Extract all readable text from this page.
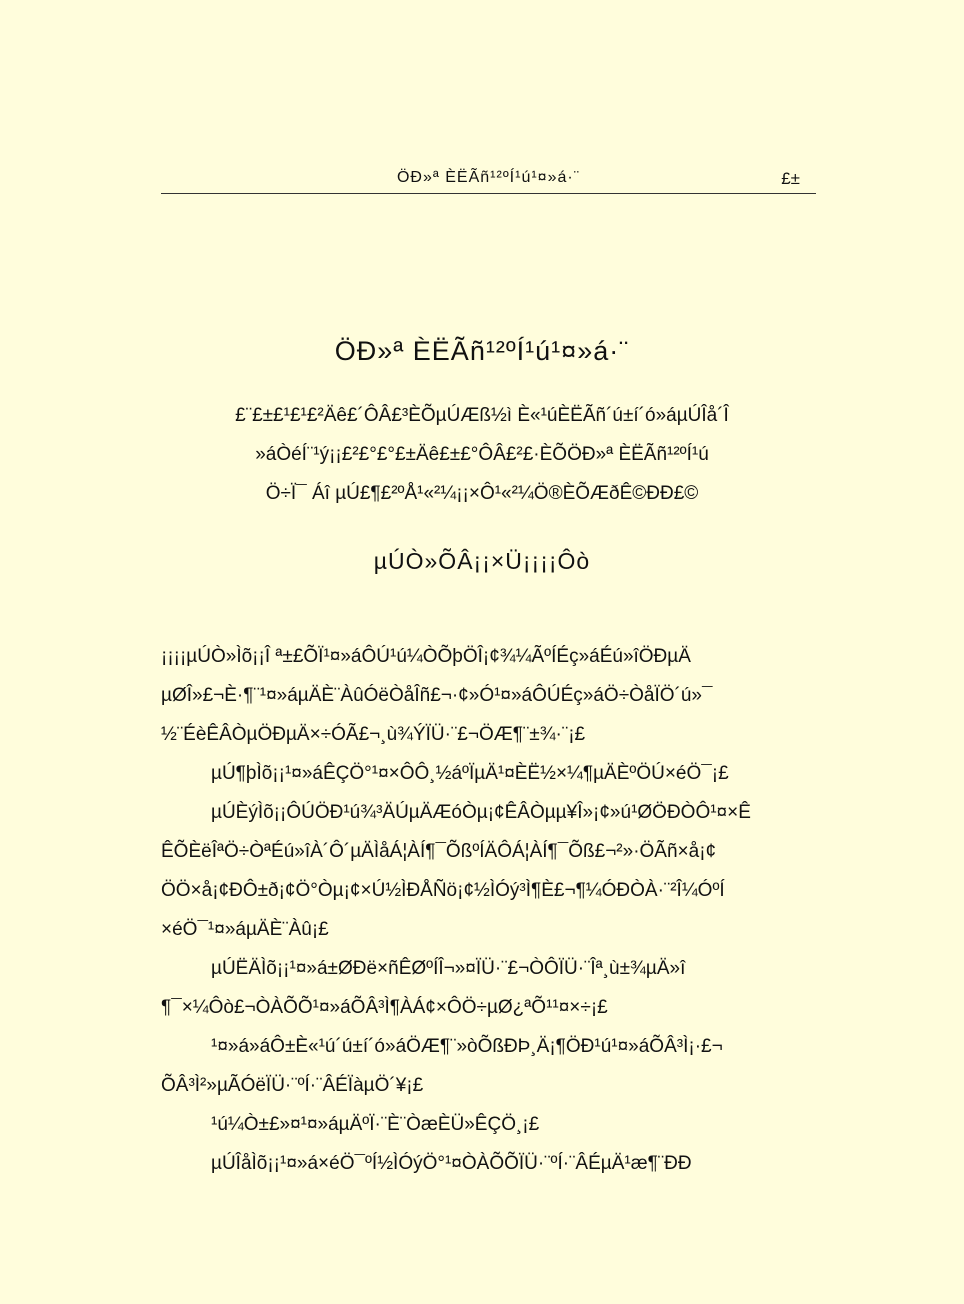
ÖÐ»ª ÈËÃñ¹²ºÍ¹ú¹¤»á·¨	£±
ÖÐ»ª ÈËÃñ¹²ºÍ¹ú¹¤»á·¨
£¨£±£¹£¹£²Äê£´ÔÂ£³ÈÕµÚÆß½ì È«¹úÈËÃñ´ú±í´ó»áµÚÎå´Î
»áÒéÍ¨¹ý¡¡£²£°£°£±Äê£±£°ÔÂ£²£·ÈÕÖÐ»ª ÈËÃñ¹²ºÍ¹ú
Ö÷Ï¯ Áî µÚ£¶£²ºÅ¹«²¼¡¡×Ô¹«²¼Ö®ÈÕÆðÊ©ÐÐ£©
µÚÒ»ÕÂ¡¡×Ü¡¡¡¡Ôò
¡¡¡¡µÚÒ»Ìõ¡¡Î ª±£ÕÏ¹¤»áÔÚ¹ú¼ÒÕþÖÎ¡¢¾¼ÃºÍÉç»áÉú»îÖÐµÄ
µØÎ»£¬È·¶¨¹¤»áµÄÈ¨ÀûÓëÒåÎñ£¬·¢»Ó¹¤»áÔÚÉç»áÖ÷ÒåÏÖ´ú»¯
½¨ÉèÊÂÒµÖÐµÄ×÷ÓÃ£¬¸ù¾ÝÏÜ·¨£¬ÖÆ¶¨±¾·¨¡£
µÚ¶þÌõ¡¡¹¤»áÊÇÖ°¹¤×ÔÔ¸½áºÏµÄ¹¤ÈË½×¼¶µÄÈºÖÚ×éÖ¯¡£
µÚÈýÌõ¡¡ÔÚÖÐ¹ú¾³ÄÚµÄÆóÒµ¡¢ÊÂÒµµ¥Î»¡¢»ú¹ØÖÐÒÔ¹¤×Ê
ÊÕÈëÎªÖ÷ÒªÉú»îÀ´Ô´µÄÌåÁ¦ÀÍ¶¯ÕßºÍÄÔÁ¦ÀÍ¶¯Õß£¬²»·ÖÃñ×å¡¢
ÖÖ×å¡¢ÐÔ±ð¡¢Ö°Òµ¡¢×Ú½ÌÐÅÑö¡¢½ÌÓý³Ì¶È£¬¶¼ÓÐÒÀ·¨²Î¼ÓºÍ
×éÖ¯¹¤»áµÄÈ¨Àû¡£
µÚËÄÌõ¡¡¹¤»á±ØÐë×ñÊØºÍÎ¬»¤ÏÜ·¨£¬ÒÔÏÜ·¨Îª¸ù±¾µÄ»î
¶¯×¼Ôò£¬ÒÀÕÕ¹¤»áÕÂ³Ì¶ÀÁ¢×ÔÖ÷µØ¿ªÕ¹¹¤×÷¡£
¹¤»á»áÔ±È«¹ú´ú±í´ó»áÖÆ¶¨»òÕßÐÞ¸Ä¡¶ÖÐ¹ú¹¤»áÕÂ³Ì¡·£¬
ÕÂ³Ì²»µÃÓëÏÜ·¨ºÍ·¨ÂÉÏàµÖ´¥¡£
¹ú¼Ò±£»¤¹¤»áµÄºÏ·¨È¨ÒæÈÜ»ÊÇÖ¸¡£
µÚÎåÌõ¡¡¹¤»á×éÖ¯ºÍ½ÌÓýÖ°¹¤ÒÀÕÕÏÜ·¨ºÍ·¨ÂÉµÄ¹æ¶¨ÐÐ
